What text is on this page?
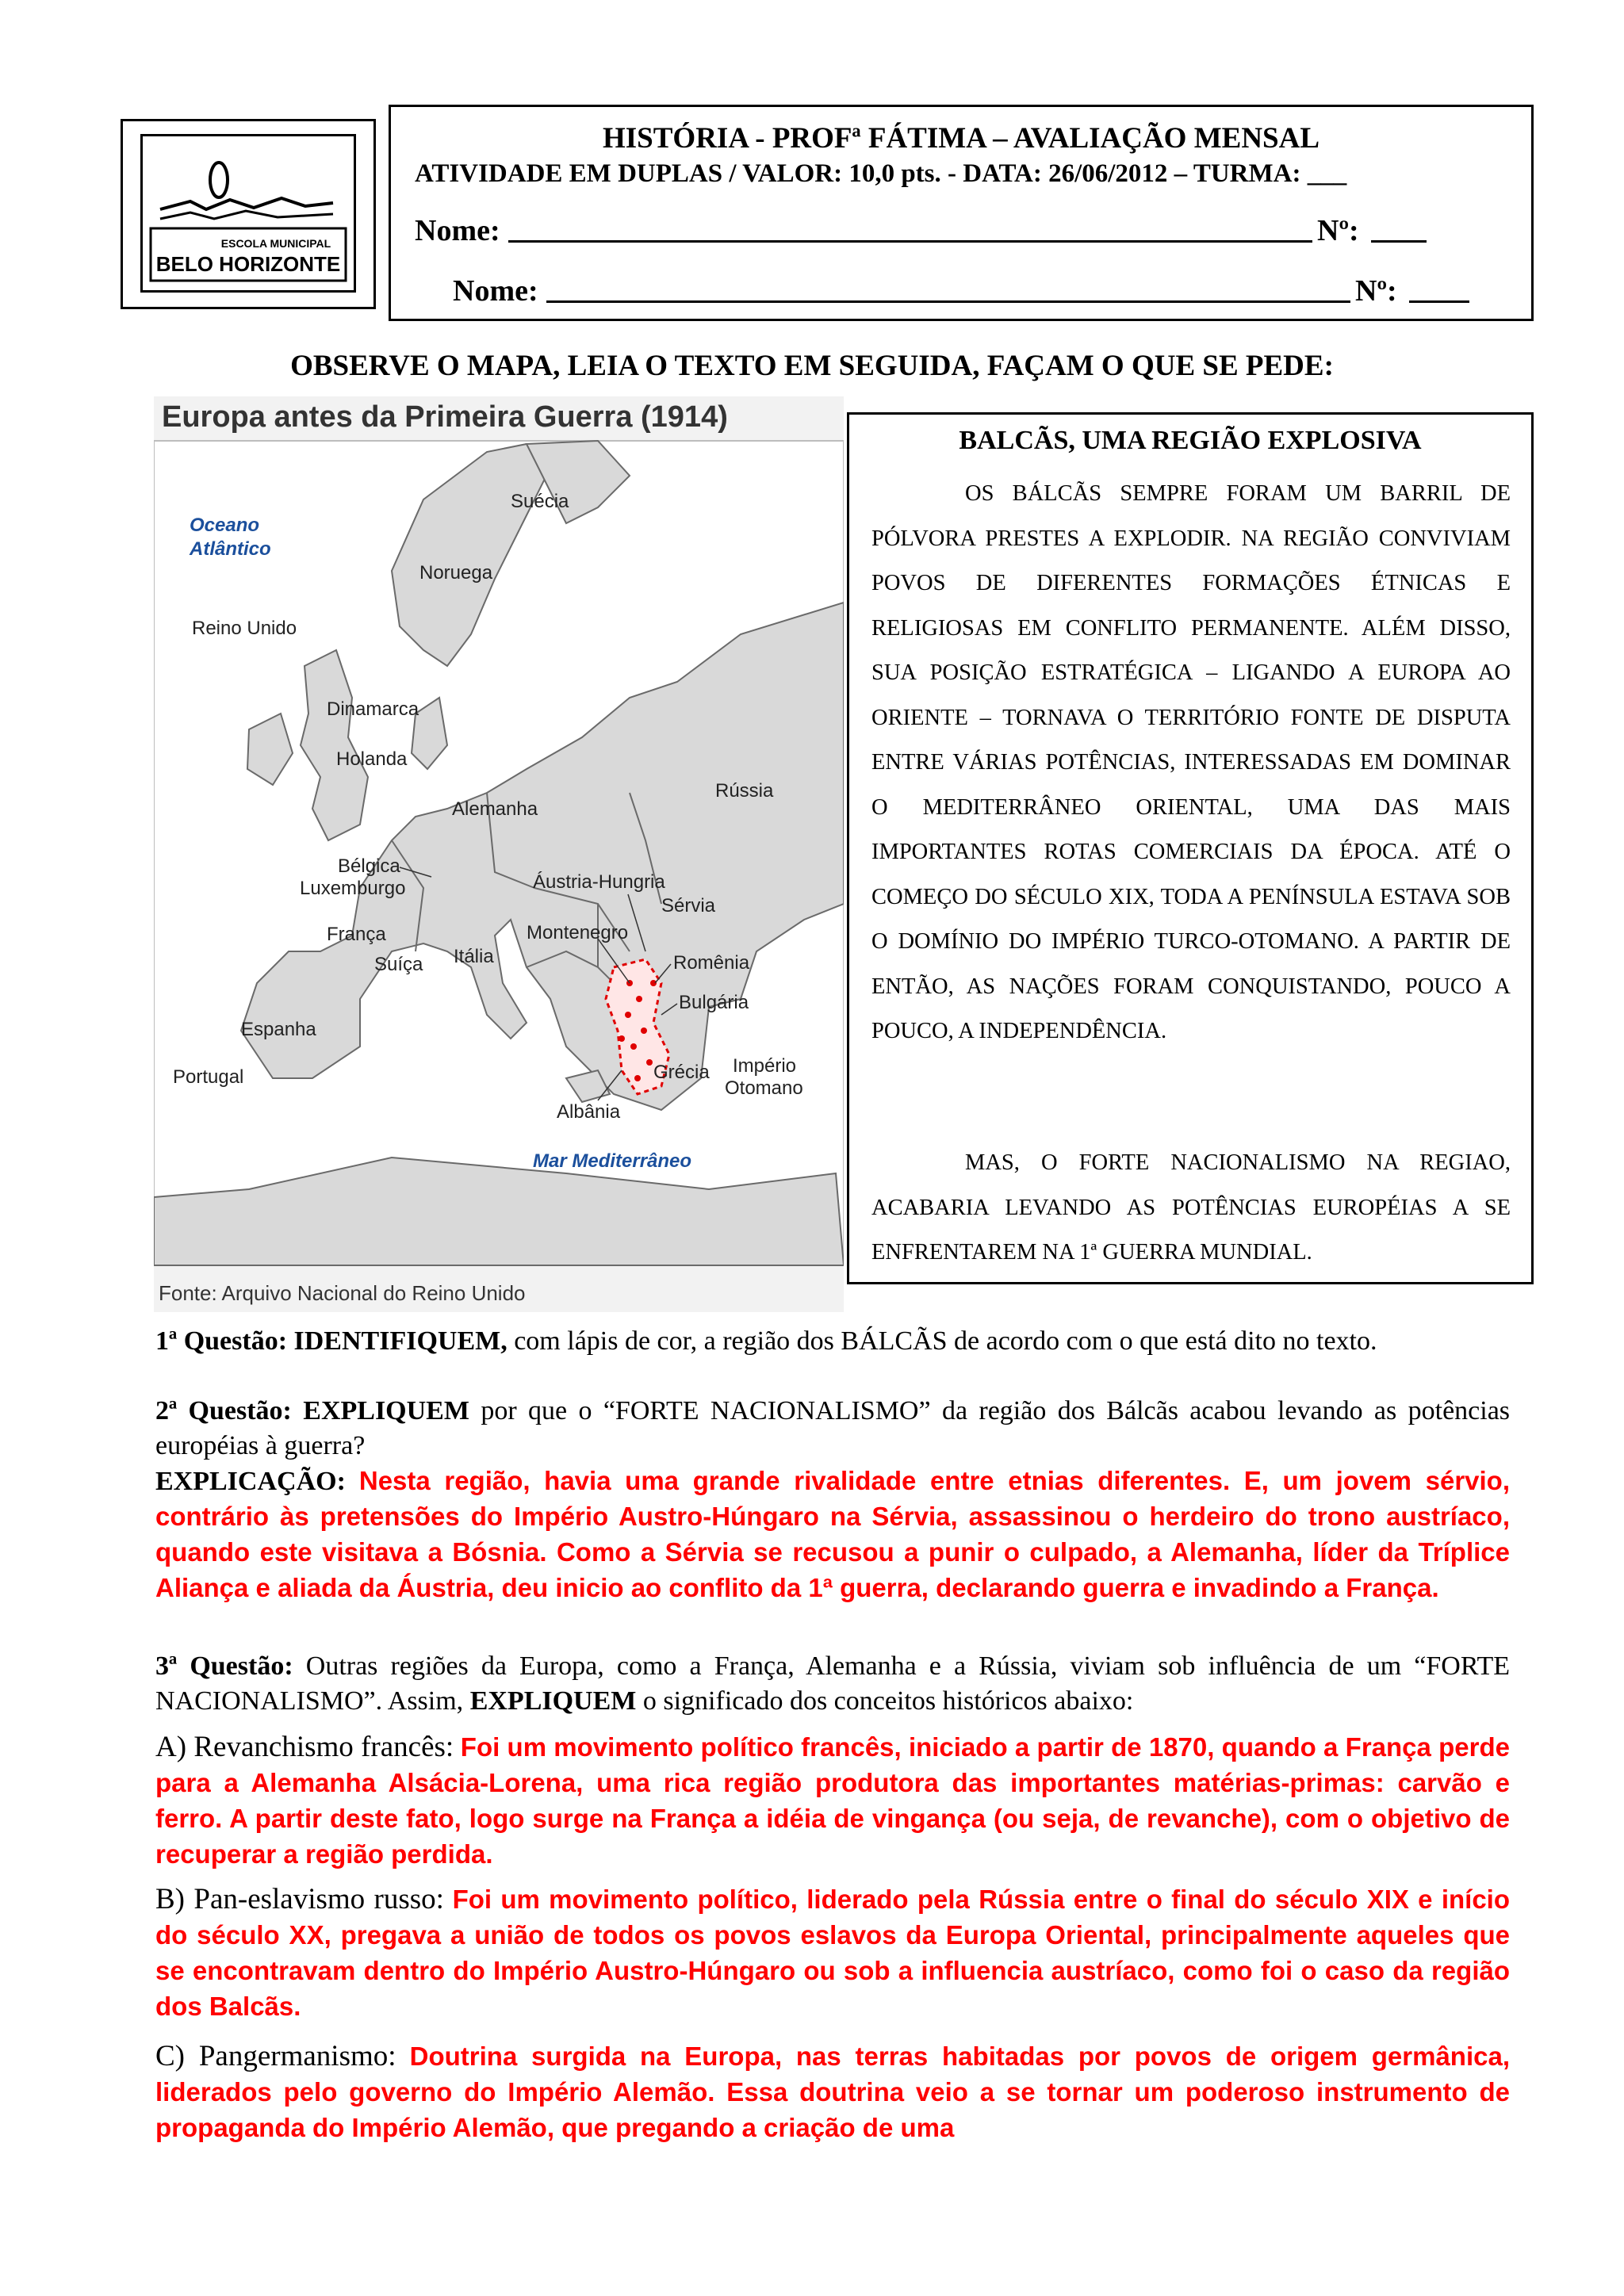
ESCOLA MUNICIPAL
BELO HORIZONTE
HISTÓRIA - PROFª FÁTIMA – AVALIAÇÃO MENSAL
ATIVIDADE EM DUPLAS / VALOR: 10,0 pts. - DATA: 26/06/2012 – TURMA: ___
Nome:	Nº:
Nome:	Nº:
OBSERVE O MAPA, LEIA O TEXTO EM SEGUIDA, FAÇAM O QUE SE PEDE:
Europa antes da Primeira Guerra (1914)
Oceano
Atlântico
Suécia
Noruega
Reino Unido
Dinamarca
Holanda
Alemanha
Rússia
Bélgica
Luxemburgo	Áustria-Hungria
Sérvia
França	Montenegro
Suíça Itália	Romênia
Bulgária
Espanha
Portugal	Grécia Império
Otomano
Albânia
Mar Mediterrâneo
Fonte: Arquivo Nacional do Reino Unido
BALCÃS, UMA REGIÃO EXPLOSIVA
OS BÁLCÃS SEMPRE FORAM UM BARRIL DE PÓLVORA PRESTES A EXPLODIR. NA REGIÃO CONVIVIAM POVOS DE DIFERENTES FORMAÇÕES ÉTNICAS E RELIGIOSAS EM CONFLITO PERMANENTE. ALÉM DISSO, SUA POSIÇÃO ESTRATÉGICA – LIGANDO A EUROPA AO ORIENTE – TORNAVA O TERRITÓRIO FONTE DE DISPUTA ENTRE VÁRIAS POTÊNCIAS, INTERESSADAS EM DOMINAR O MEDITERRÂNEO ORIENTAL, UMA DAS MAIS IMPORTANTES ROTAS COMERCIAIS DA ÉPOCA. ATÉ O COMEÇO DO SÉCULO XIX, TODA A PENÍNSULA ESTAVA SOB O DOMÍNIO DO IMPÉRIO TURCO-OTOMANO. A PARTIR DE ENTÃO, AS NAÇÕES FORAM CONQUISTANDO, POUCO A POUCO, A INDEPENDÊNCIA.
MAS, O FORTE NACIONALISMO NA REGIAO, ACABARIA LEVANDO AS POTÊNCIAS EUROPÉIAS A SE ENFRENTAREM NA 1ª GUERRA MUNDIAL.
1ª Questão: IDENTIFIQUEM, com lápis de cor, a região dos BÁLCÃS de acordo com o que está dito no texto.
2ª Questão: EXPLIQUEM por que o “FORTE NACIONALISMO” da região dos Bálcãs acabou levando as potências européias à guerra?
EXPLICAÇÃO: Nesta região, havia uma grande rivalidade entre etnias diferentes. E, um jovem sérvio, contrário às pretensões do Império Austro-Húngaro na Sérvia, assassinou o herdeiro do trono austríaco, quando este visitava a Bósnia. Como a Sérvia se recusou a punir o culpado, a Alemanha, líder da Tríplice Aliança e aliada da Áustria, deu inicio ao conflito da 1ª guerra, declarando guerra e invadindo a França.
3ª Questão: Outras regiões da Europa, como a França, Alemanha e a Rússia, viviam sob influência de um “FORTE NACIONALISMO”. Assim, EXPLIQUEM o significado dos conceitos históricos abaixo:
A) Revanchismo francês: Foi um movimento político francês, iniciado a partir de 1870, quando a França perde para a Alemanha Alsácia-Lorena, uma rica região produtora das importantes matérias-primas: carvão e ferro. A partir deste fato, logo surge na França a idéia de vingança (ou seja, de revanche), com o objetivo de recuperar a região perdida.
B) Pan-eslavismo russo: Foi um movimento político, liderado pela Rússia entre o final do século XIX e início do século XX, pregava a união de todos os povos eslavos da Europa Oriental, principalmente aqueles que se encontravam dentro do Império Austro-Húngaro ou sob a influencia austríaco, como foi o caso da região dos Balcãs.
C) Pangermanismo: Doutrina surgida na Europa, nas terras habitadas por povos de origem germânica, liderados pelo governo do Império Alemão. Essa doutrina veio a se tornar um poderoso instrumento de propaganda do Império Alemão, que pregando a criação de uma
